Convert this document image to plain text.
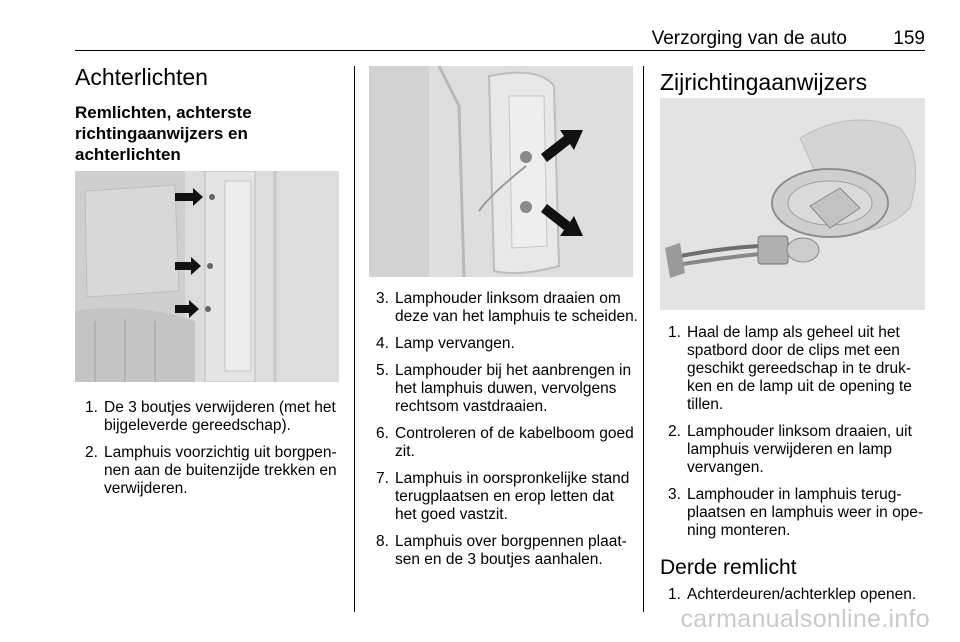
Verzorging van de auto 159
Achterlichten
Remlichten, achterste
richtingaanwijzers en
achterlichten
1. De 3 boutjes verwijderen (met het bijgeleverde gereedschap).
2. Lamphuis voorzichtig uit borgpennen aan de buitenzijde trekken en verwijderen.
3. Lamphouder linksom draaien om deze van het lamphuis te scheiden.
4. Lamp vervangen.
5. Lamphouder bij het aanbrengen in het lamphuis duwen, vervolgens rechtsom vastdraaien.
6. Controleren of de kabelboom goed zit.
7. Lamphuis in oorspronkelijke stand terugplaatsen en erop letten dat het goed vastzit.
8. Lamphuis over borgpennen plaatsen en de 3 boutjes aanhalen.
Zijrichtingaanwijzers
1. Haal de lamp als geheel uit het spatbord door de clips met een geschikt gereedschap in te drukken en de lamp uit de opening te tillen.
2. Lamphouder linksom draaien, uit lamphuis verwijderen en lamp vervangen.
3. Lamphouder in lamphuis terugplaatsen en lamphuis weer in opening monteren.
Derde remlicht
1. Achterdeuren/achterklep openen.
carmanualsonline.info
